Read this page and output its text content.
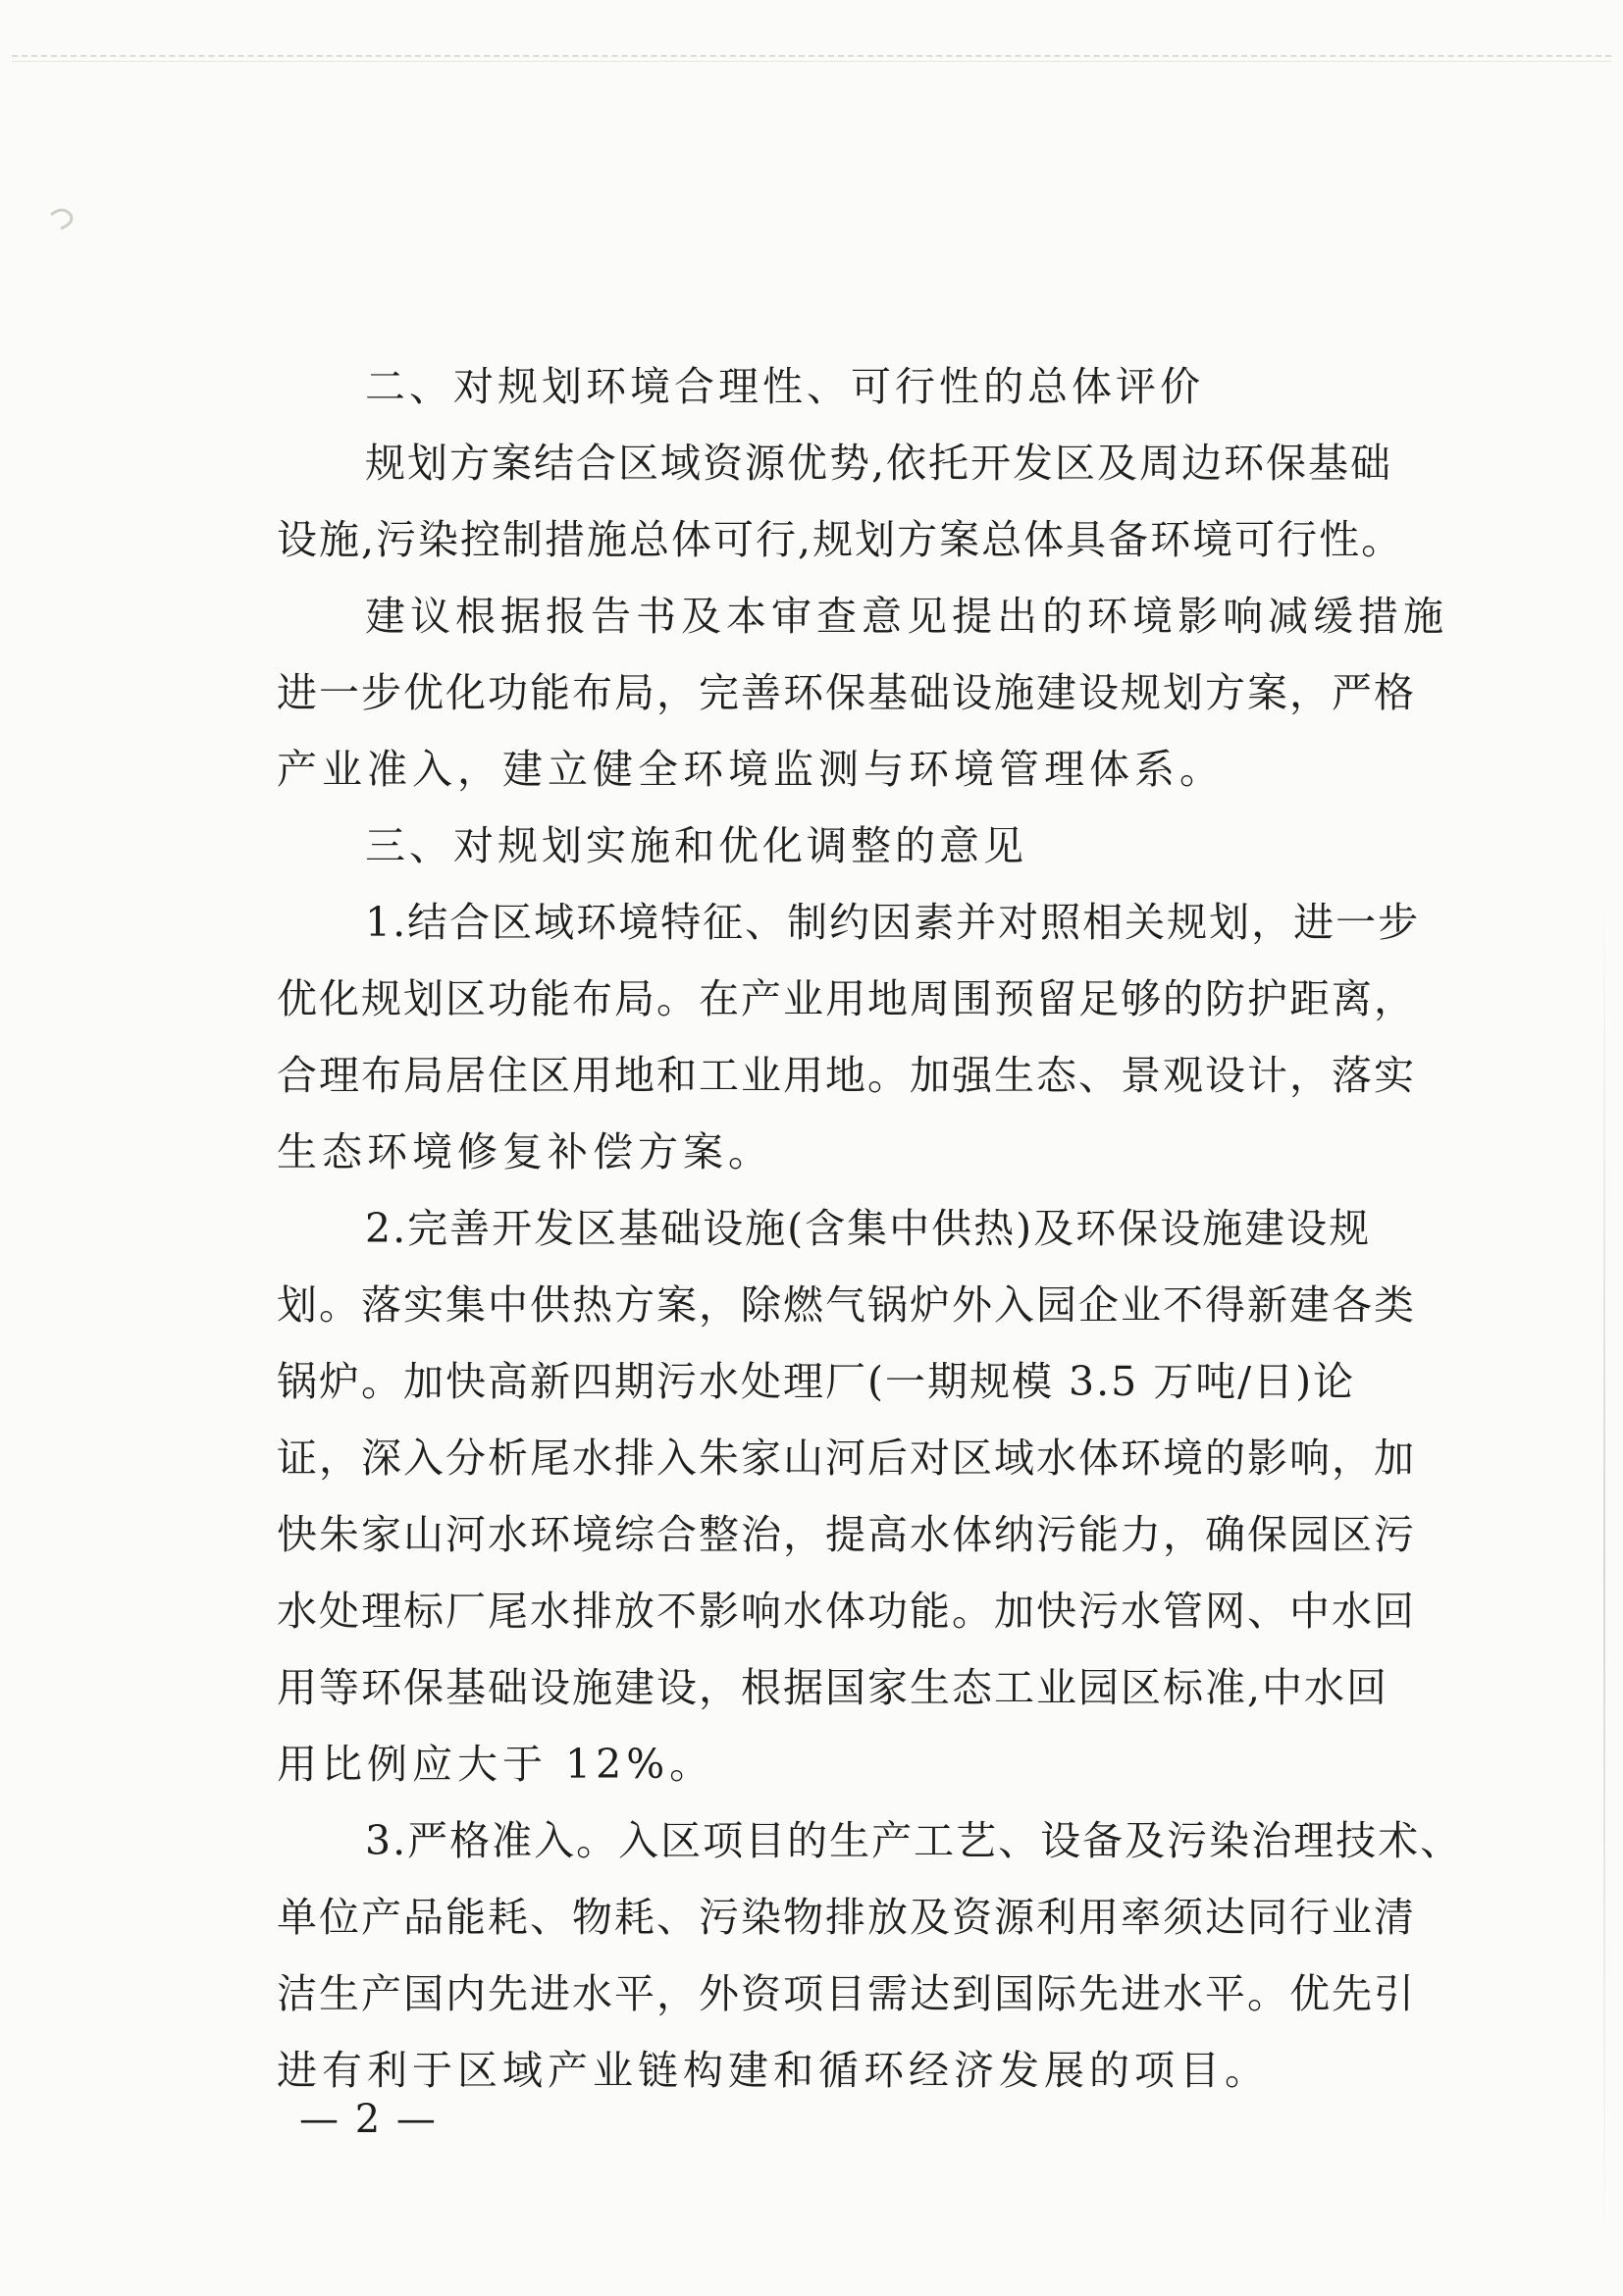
二、对规划环境合理性、可行性的总体评价
规划方案结合区域资源优势,依托开发区及周边环保基础
设施,污染控制措施总体可行,规划方案总体具备环境可行性。
建议根据报告书及本审查意见提出的环境影响减缓措施
进一步优化功能布局，完善环保基础设施建设规划方案，严格
产业准入，建立健全环境监测与环境管理体系。
三、对规划实施和优化调整的意见
1.结合区域环境特征、制约因素并对照相关规划，进一步
优化规划区功能布局。在产业用地周围预留足够的防护距离，
合理布局居住区用地和工业用地。加强生态、景观设计，落实
生态环境修复补偿方案。
2.完善开发区基础设施(含集中供热)及环保设施建设规
划。落实集中供热方案，除燃气锅炉外入园企业不得新建各类
锅炉。加快高新四期污水处理厂(一期规模 3.5 万吨/日)论
证，深入分析尾水排入朱家山河后对区域水体环境的影响，加
快朱家山河水环境综合整治，提高水体纳污能力，确保园区污
水处理标厂尾水排放不影响水体功能。加快污水管网、中水回
用等环保基础设施建设，根据国家生态工业园区标准,中水回
用比例应大于 12%。
3.严格准入。入区项目的生产工艺、设备及污染治理技术、
单位产品能耗、物耗、污染物排放及资源利用率须达同行业清
洁生产国内先进水平，外资项目需达到国际先进水平。优先引
进有利于区域产业链构建和循环经济发展的项目。
— 2 —
